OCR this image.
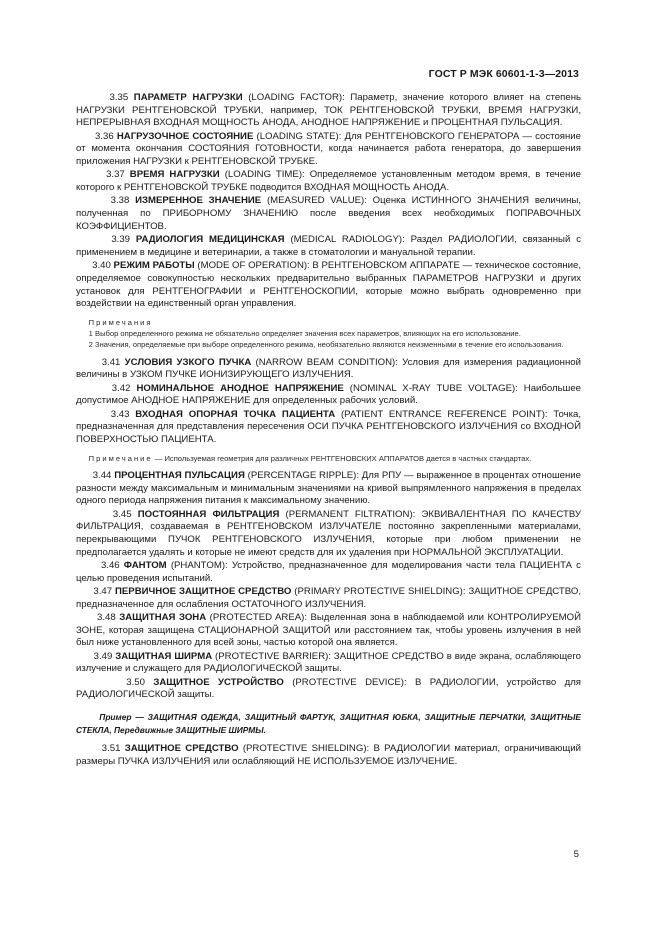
ГОСТ Р МЭК 60601-1-3—2013

3.35 ПАРАМЕТР НАГРУЗКИ (LOADING FACTOR): Параметр, значение которого влияет на степень НАГРУЗКИ РЕНТГЕНОВСКОЙ ТРУБКИ, например, ТОК РЕНТГЕНОВСКОЙ ТРУБКИ, ВРЕМЯ НАГРУЗКИ, НЕПРЕРЫВНАЯ ВХОДНАЯ МОЩНОСТЬ АНОДА, АНОДНОЕ НАПРЯЖЕНИЕ и ПРОЦЕНТНАЯ ПУЛЬСАЦИЯ.

3.36 НАГРУЗОЧНОЕ СОСТОЯНИЕ (LOADING STATE): Для РЕНТГЕНОВСКОГО ГЕНЕРАТОРА — состояние от момента окончания СОСТОЯНИЯ ГОТОВНОСТИ, когда начинается работа генератора, до завершения приложения НАГРУЗКИ к РЕНТГЕНОВСКОЙ ТРУБКЕ.

3.37 ВРЕМЯ НАГРУЗКИ (LOADING TIME): Определяемое установленным методом время, в течение которого к РЕНТГЕНОВСКОЙ ТРУБКЕ подводится ВХОДНАЯ МОЩНОСТЬ АНОДА.

3.38 ИЗМЕРЕННОЕ ЗНАЧЕНИЕ (MEASURED VALUE): Оценка ИСТИННОГО ЗНАЧЕНИЯ величины, полученная по ПРИБОРНОМУ ЗНАЧЕНИЮ после введения всех необходимых ПОПРАВОЧНЫХ КОЭФФИЦИЕНТОВ.

3.39 РАДИОЛОГИЯ МЕДИЦИНСКАЯ (MEDICAL RADIOLOGY): Раздел РАДИОЛОГИИ, связанный с применением в медицине и ветеринарии, а также в стоматологии и мануальной терапии.

3.40 РЕЖИМ РАБОТЫ (MODE OF OPERATION): В РЕНТГЕНОВСКОМ АППАРАТЕ — техническое состояние, определяемое совокупностью нескольких предварительно выбранных ПАРАМЕТРОВ НАГРУЗКИ и других установок для РЕНТГЕНОГРАФИИ и РЕНТГЕНОСКОПИИ, которые можно выбрать одновременно при воздействии на единственный орган управления.

Примечания

1 Выбор определенного режима не обязательно определяет значения всех параметров, влияющих на его использование.

2 Значения, определяемые при выборе определенного режима, необязательно являются неизменными в течение его использования.

3.41 УСЛОВИЯ УЗКОГО ПУЧКА (NARROW BEAM CONDITION): Условия для измерения радиационной величины в УЗКОМ ПУЧКЕ ИОНИЗИРУЮЩЕГО ИЗЛУЧЕНИЯ.

3.42 НОМИНАЛЬНОЕ АНОДНОЕ НАПРЯЖЕНИЕ (NOMINAL X-RAY TUBE VOLTAGE): Наибольшее допустимое АНОДНОЕ НАПРЯЖЕНИЕ для определенных рабочих условий.

3.43 ВХОДНАЯ ОПОРНАЯ ТОЧКА ПАЦИЕНТА (PATIENT ENTRANCE REFERENCE POINT): Точка, предназначенная для представления пересечения ОСИ ПУЧКА РЕНТГЕНОВСКОГО ИЗЛУЧЕНИЯ со ВХОДНОЙ ПОВЕРХНОСТЬЮ ПАЦИЕНТА.

Примечание — Используемая геометрия для различных РЕНТГЕНОВСКИХ АППАРАТОВ дается в частных стандартах.

3.44 ПРОЦЕНТНАЯ ПУЛЬСАЦИЯ (PERCENTAGE RIPPLE): Для РПУ — выраженное в процентах отношение разности между максимальным и минимальным значениями на кривой выпрямленного напряжения в пределах одного периода напряжения питания к максимальному значению.

3.45 ПОСТОЯННАЯ ФИЛЬТРАЦИЯ (PERMANENT FILTRATION): ЭКВИВАЛЕНТНАЯ ПО КАЧЕСТВУ ФИЛЬТРАЦИЯ, создаваемая в РЕНТГЕНОВСКОМ ИЗЛУЧАТЕЛЕ постоянно закрепленными материалами, перекрывающими ПУЧОК РЕНТГЕНОВСКОГО ИЗЛУЧЕНИЯ, которые при любом применении не предполагается удалять и которые не имеют средств для их удаления при НОРМАЛЬНОЙ ЭКСПЛУАТАЦИИ.

3.46 ФАНТОМ (PHANTOM): Устройство, предназначенное для моделирования части тела ПАЦИЕНТА с целью проведения испытаний.

3.47 ПЕРВИЧНОЕ ЗАЩИТНОЕ СРЕДСТВО (PRIMARY PROTECTIVE SHIELDING): ЗАЩИТНОЕ СРЕДСТВО, предназначенное для ослабления ОСТАТОЧНОГО ИЗЛУЧЕНИЯ.

3.48 ЗАЩИТНАЯ ЗОНА (PROTECTED AREA): Выделенная зона в наблюдаемой или КОНТРОЛИРУЕМОЙ ЗОНЕ, которая защищена СТАЦИОНАРНОЙ ЗАЩИТОЙ или расстоянием так, чтобы уровень излучения в ней был ниже установленного для всей зоны, частью которой она является.

3.49 ЗАЩИТНАЯ ШИРМА (PROTECTIVE BARRIER): ЗАЩИТНОЕ СРЕДСТВО в виде экрана, ослабляющего излучение и служащего для РАДИОЛОГИЧЕСКОЙ защиты.

3.50 ЗАЩИТНОЕ УСТРОЙСТВО (PROTECTIVE DEVICE): В РАДИОЛОГИИ, устройство для РАДИОЛОГИЧЕСКОЙ защиты.

Пример — ЗАЩИТНАЯ ОДЕЖДА, ЗАЩИТНЫЙ ФАРТУК, ЗАЩИТНАЯ ЮБКА, ЗАЩИТНЫЕ ПЕРЧАТКИ, ЗАЩИТНЫЕ СТЕКЛА, Передвижные ЗАЩИТНЫЕ ШИРМЫ.

3.51 ЗАЩИТНОЕ СРЕДСТВО (PROTECTIVE SHIELDING): В РАДИОЛОГИИ материал, ограничивающий размеры ПУЧКА ИЗЛУЧЕНИЯ или ослабляющий НЕ ИСПОЛЬЗУЕМОЕ ИЗЛУЧЕНИЕ.

5
